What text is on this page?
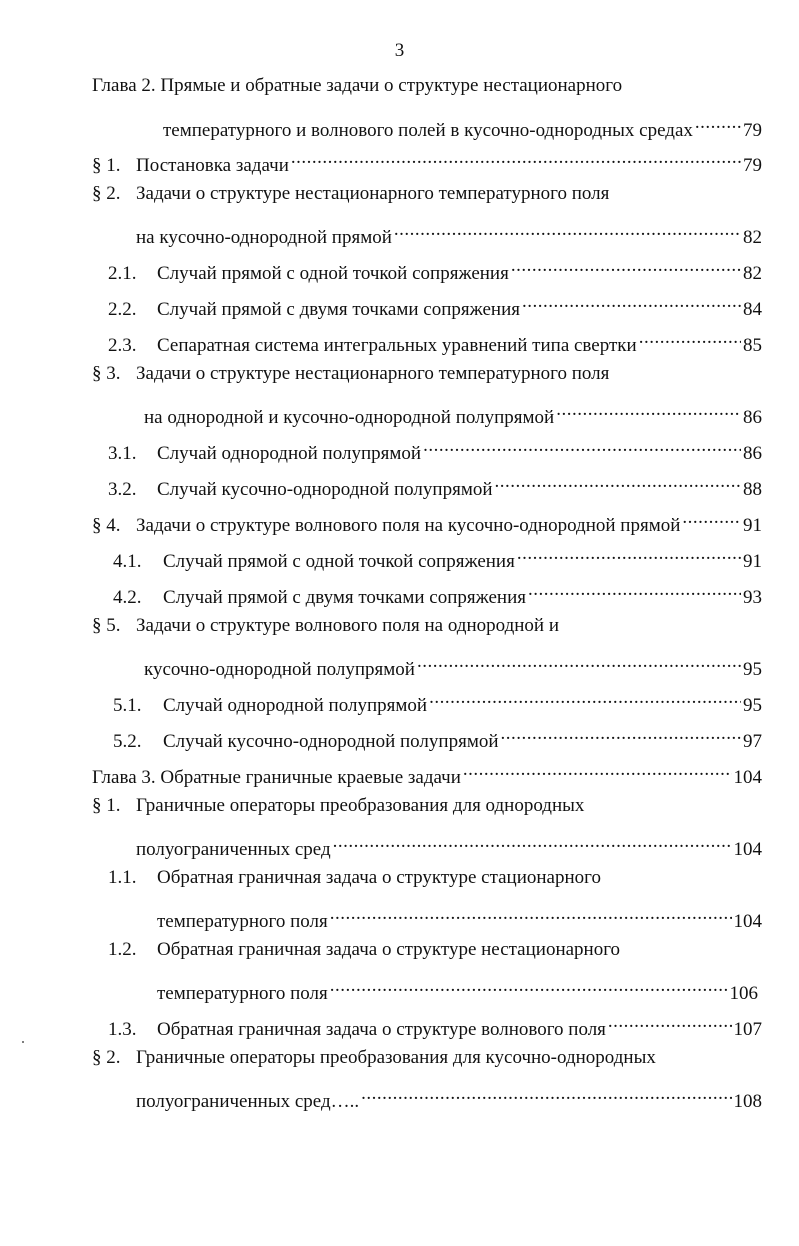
3
Глава 2. Прямые и обратные задачи о структуре нестационарного
температурного и волнового полей в кусочно-однородных средах .....	79
§ 1. Постановка задачи .....	79
§ 2. Задачи о структуре нестационарного температурного поля
на кусочно-однородной прямой .....	82
2.1.	Случай прямой с одной точкой сопряжения .....	82
2.2.	Случай прямой с двумя точками сопряжения .....	84
2.3.	Сепаратная система интегральных уравнений типа свертки .....	85
§ 3. Задачи о структуре нестационарного температурного поля
на однородной и кусочно-однородной полупрямой .....	86
3.1.	Случай однородной полупрямой .....	86
3.2.	Случай кусочно-однородной полупрямой .....	88
§ 4. Задачи о структуре волнового поля на кусочно-однородной прямой .....	91
4.1.	Случай прямой с одной точкой сопряжения .....	91
4.2.	Случай прямой с двумя точками сопряжения .....	93
§ 5. Задачи о структуре волнового поля на однородной и
кусочно-однородной полупрямой .....	95
5.1.	Случай однородной полупрямой .....	95
5.2.	Случай кусочно-однородной полупрямой .....	97
Глава 3. Обратные граничные краевые задачи .....	104
§ 1. Граничные операторы преобразования для однородных
полуограниченных сред .....	104
1.1.	Обратная граничная задача о структуре стационарного
температурного поля .....	104
1.2.	Обратная граничная задача о структуре нестационарного
температурного поля .....	106
1.3.	Обратная граничная задача о структуре волнового поля .....	107
§ 2. Граничные операторы преобразования для кусочно-однородных
полуограниченных сред….. .....	108
